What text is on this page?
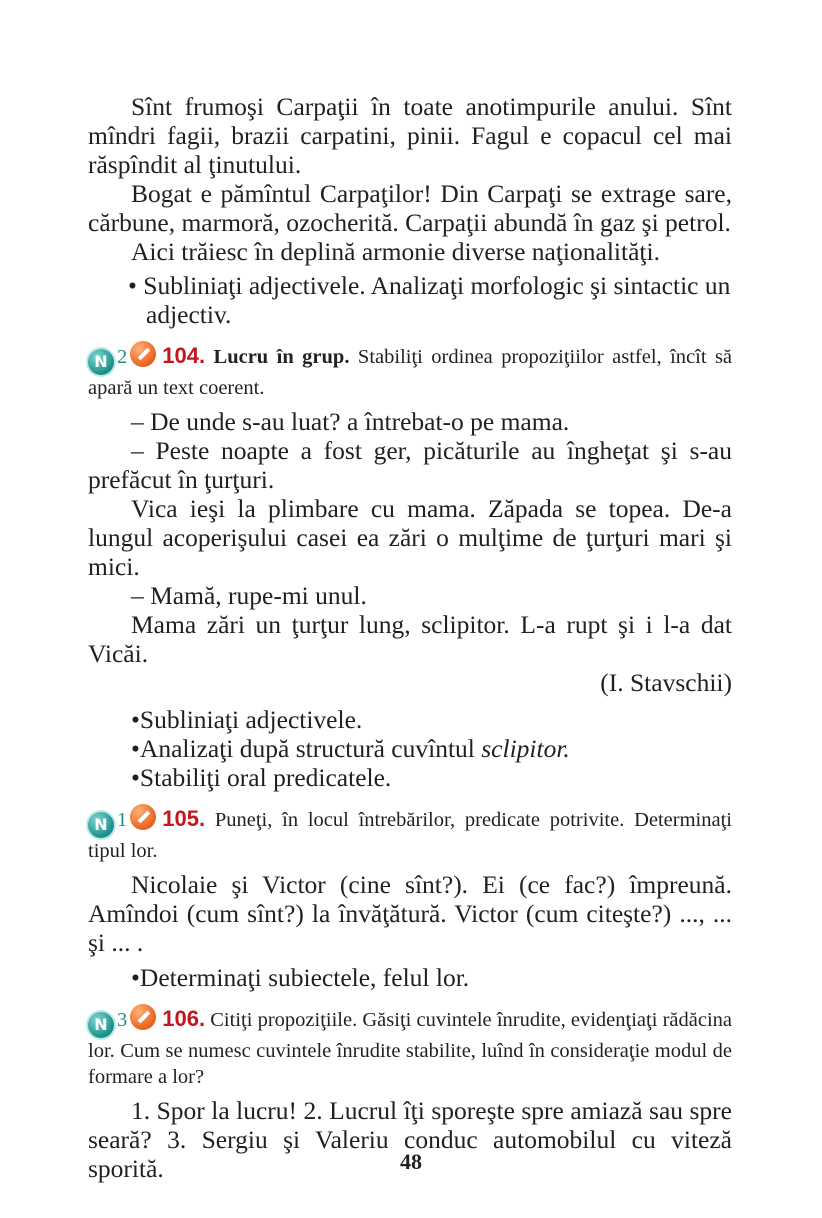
Sînt frumoşi Carpaţii în toate anotimpurile anului. Sînt mîndri fagii, brazii carpatini, pinii. Fagul e copacul cel mai răspîndit al ţinutului.

Bogat e pămîntul Carpaţilor! Din Carpaţi se extrage sare, cărbune, marmoră, ozocherită. Carpaţii abundă în gaz şi petrol.

Aici trăiesc în deplină armonie diverse naţionalităţi.

• Subliniaţi adjectivele. Analizaţi morfologic şi sintactic un adjectiv.

N 2 104. Lucru în grup. Stabiliţi ordinea propoziţiilor astfel, încît să apară un text coerent.

– De unde s-au luat? a întrebat-o pe mama.

– Peste noapte a fost ger, picăturile au îngheţat şi s-au prefăcut în ţurţuri.

Vica ieşi la plimbare cu mama. Zăpada se topea. De-a lungul acoperişului casei ea zări o mulţime de ţurţuri mari şi mici.

– Mamă, rupe-mi unul.

Mama zări un ţurţur lung, sclipitor. L-a rupt şi i l-a dat Vicăi.

(I. Stavschii)

•Subliniaţi adjectivele.

•Analizaţi după structură cuvîntul sclipitor.

•Stabiliţi oral predicatele.

N 1 105. Puneţi, în locul întrebărilor, predicate potrivite. Determinaţi tipul lor.

Nicolaie şi Victor (cine sînt?). Ei (ce fac?) împreună. Amîndoi (cum sînt?) la învăţătură. Victor (cum citeşte?) ..., ... şi ... .

•Determinaţi subiectele, felul lor.

N 3 106. Citiţi propoziţiile. Găsiţi cuvintele înrudite, evidenţiaţi rădăcina lor. Cum se numesc cuvintele înrudite stabilite, luînd în consideraţie modul de formare a lor?

1. Spor la lucru! 2. Lucrul îţi sporeşte spre amiază sau spre seară? 3. Sergiu şi Valeriu conduc automobilul cu viteză sporită.	48
